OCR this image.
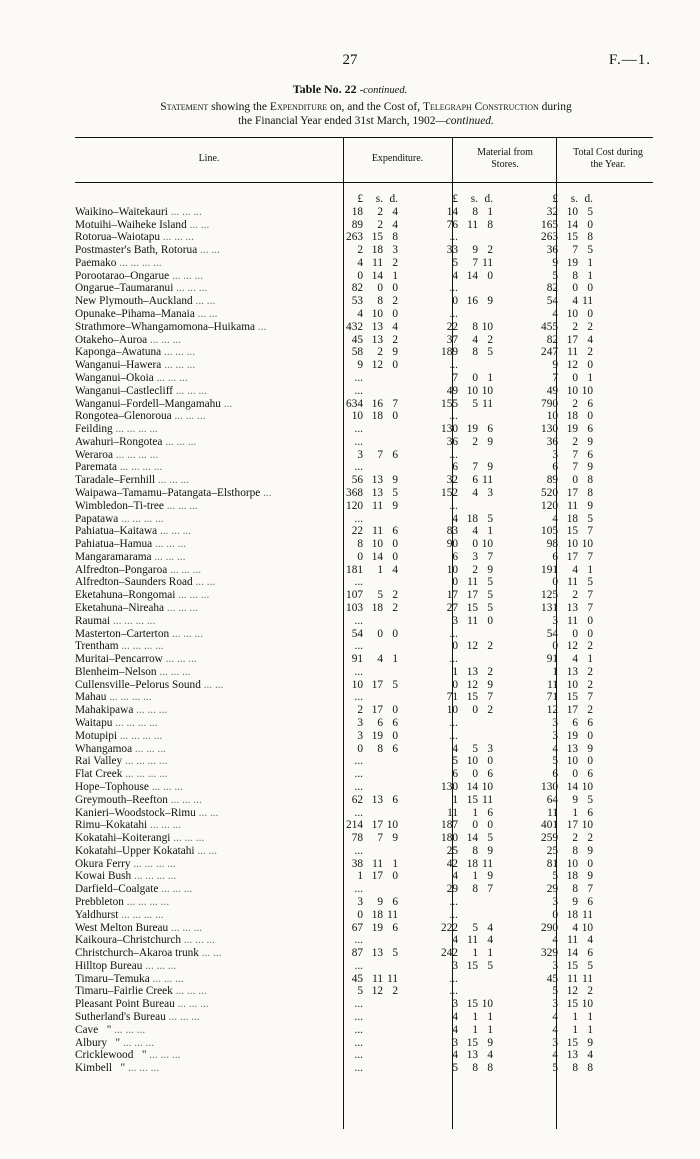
27	F.—1.
Table No. 22 -continued.
Statement showing the Expenditure on, and the Cost of, Telegraph Construction during
the Financial Year ended 31st March, 1902—continued.
Line.	Expenditure.
Material from Stores.
Total Cost during the Year.
	£	s.	d.		£	s.	d.		£	s.	d.
Waikino–Waitekauri ... ... ...	18	2	4		14	8	1		32	10	5
Motuihi–Waiheke Island ... ...	89	2	4		76	11	8		165	14	0
Rotorua–Waiotapu ... ... ...	263	15	8		...				263	15	8
Postmaster's Bath, Rotorua ... ...	2	18	3		33	9	2		36	7	5
Paemako ... ... ... ...	4	11	2		5	7	11		9	19	1
Porootarao–Ongarue ... ... ...	0	14	1		4	14	0		5	8	1
Ongarue–Taumaranui ... ... ...	82	0	0		...				82	0	0
New Plymouth–Auckland ... ...	53	8	2		0	16	9		54	4	11
Opunake–Pihama–Manaia ... ...	4	10	0		...				4	10	0
Strathmore–Whangamomona–Huikama ...	432	13	4		22	8	10		455	2	2
Otakeho–Auroa ... ... ...	45	13	2		37	4	2		82	17	4
Kaponga–Awatuna ... ... ...	58	2	9		189	8	5		247	11	2
Wanganui–Hawera ... ... ...	9	12	0		...				9	12	0
Wanganui–Okoia ... ... ...	...				7	0	1		7	0	1
Wanganui–Castlecliff ... ... ...	...				49	10	10		49	10	10
Wanganui–Fordell–Mangamahu ...	634	16	7		155	5	11		790	2	6
Rongotea–Glenoroua ... ... ...	10	18	0		...				10	18	0
Feilding ... ... ... ...	...				130	19	6		130	19	6
Awahuri–Rongotea ... ... ...	...				36	2	9		36	2	9
Weraroa ... ... ... ...	3	7	6		...				3	7	6
Paremata ... ... ... ...	...				6	7	9		6	7	9
Taradale–Fernhill ... ... ...	56	13	9		32	6	11		89	0	8
Waipawa–Tamamu–Patangata–Elsthorpe ...	368	13	5		152	4	3		520	17	8
Wimbledon–Ti-tree ... ... ...	120	11	9		...				120	11	9
Papatawa ... ... ... ...	...				4	18	5		4	18	5
Pahiatua–Kaitawa ... ... ...	22	11	6		83	4	1		105	15	7
Pahiatua–Hamua ... ... ...	8	10	0		90	0	10		98	10	10
Mangaramarama ... ... ...	0	14	0		6	3	7		6	17	7
Alfredton–Pongaroa ... ... ...	181	1	4		10	2	9		191	4	1
Alfredton–Saunders Road ... ...	...				0	11	5		0	11	5
Eketahuna–Rongomai ... ... ...	107	5	2		17	17	5		125	2	7
Eketahuna–Nireaha ... ... ...	103	18	2		27	15	5		131	13	7
Raumai ... ... ... ...	...				3	11	0		3	11	0
Masterton–Carterton ... ... ...	54	0	0		...				54	0	0
Trentham ... ... ... ...	...				0	12	2		0	12	2
Muritai–Pencarrow ... ... ...	91	4	1		...				91	4	1
Blenheim–Nelson ... ... ...	...				1	13	2		1	13	2
Cullensville–Pelorus Sound ... ...	10	17	5		0	12	9		11	10	2
Mahau ... ... ... ...	...				71	15	7		71	15	7
Mahakipawa ... ... ...	2	17	0		10	0	2		12	17	2
Waitapu ... ... ... ...	3	6	6		...				3	6	6
Motupipi ... ... ... ...	3	19	0		...				3	19	0
Whangamoa ... ... ...	0	8	6		4	5	3		4	13	9
Rai Valley ... ... ... ...	...				5	10	0		5	10	0
Flat Creek ... ... ... ...	...				6	0	6		6	0	6
Hope–Tophouse ... ... ...	...				130	14	10		130	14	10
Greymouth–Reefton ... ... ...	62	13	6		1	15	11		64	9	5
Kanieri–Woodstock–Rimu ... ...	...				11	1	6		11	1	6
Rimu–Kokatahi ... ... ...	214	17	10		187	0	0		401	17	10
Kokatahi–Koiterangi ... ... ...	78	7	9		180	14	5		259	2	2
Kokatahi–Upper Kokatahi ... ...	...				25	8	9		25	8	9
Okura Ferry ... ... ... ...	38	11	1		42	18	11		81	10	0
Kowai Bush ... ... ... ...	1	17	0		4	1	9		5	18	9
Darfield–Coalgate ... ... ...	...				29	8	7		29	8	7
Prebbleton ... ... ... ...	3	9	6		...				3	9	6
Yaldhurst ... ... ... ...	0	18	11		...				0	18	11
West Melton Bureau ... ... ...	67	19	6		222	5	4		290	4	10
Kaikoura–Christchurch ... ... ...	...				4	11	4		4	11	4
Christchurch–Akaroa trunk ... ...	87	13	5		242	1	1		329	14	6
Hilltop Bureau ... ... ...	...				3	15	5		3	15	5
Timaru–Temuka ... ... ...	45	11	11		...				45	11	11
Timaru–Fairlie Creek ... ... ...	5	12	2		...				5	12	2
Pleasant Point Bureau ... ... ...	...				3	15	10		3	15	10
Sutherland's Bureau ... ... ...	...				4	1	1		4	1	1
Cave " ... ... ...	...				4	1	1		4	1	1
Albury " ... ... ...	...				3	15	9		3	15	9
Cricklewood " ... ... ...	...				4	13	4		4	13	4
Kimbell " ... ... ...	...				5	8	8		5	8	8
